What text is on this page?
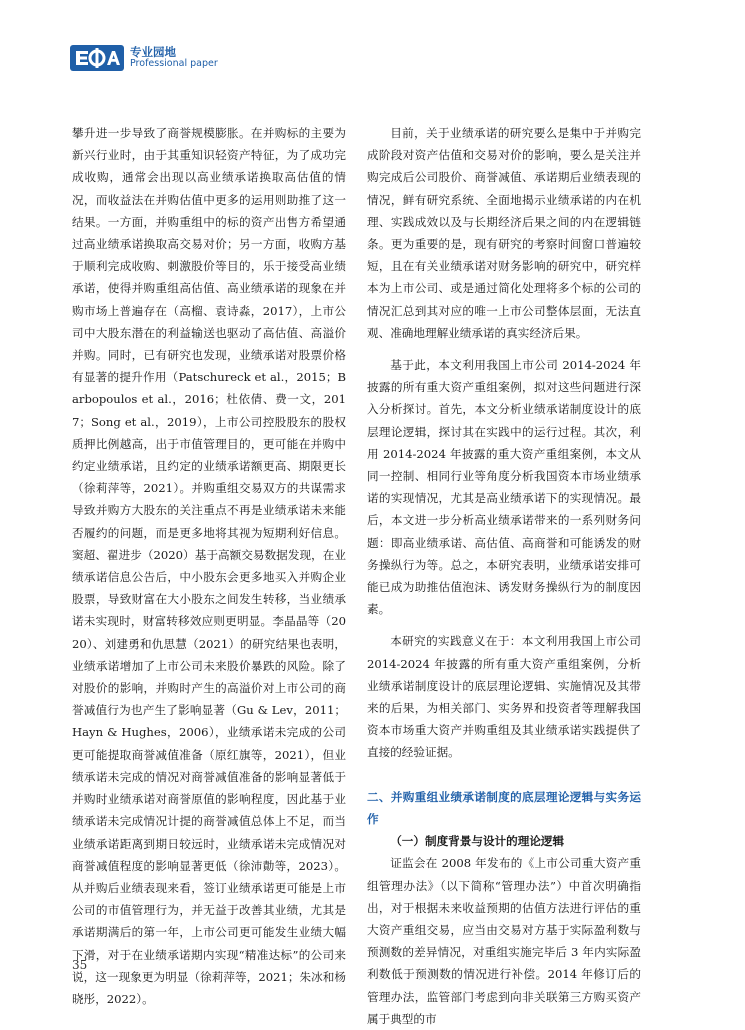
专业园地
Professional paper

攀升进一步导致了商誉规模膨胀。在并购标的主要为新兴行业时，由于其重知识轻资产特征，为了成功完成收购，通常会出现以高业绩承诺换取高估值的情况，而收益法在并购估值中更多的运用则助推了这一结果。一方面，并购重组中的标的资产出售方希望通过高业绩承诺换取高交易对价；另一方面，收购方基于顺利完成收购、刺激股价等目的，乐于接受高业绩承诺，使得并购重组高估值、高业绩承诺的现象在并购市场上普遍存在（高榴、袁诗淼，2017），上市公司中大股东潜在的利益输送也驱动了高估值、高溢价并购。同时，已有研究也发现，业绩承诺对股票价格有显著的提升作用（Patschureck et al.，2015；Barbopoulos et al.，2016；杜依倩、费一文，2017；Song et al.，2019），上市公司控股股东的股权质押比例越高，出于市值管理目的，更可能在并购中约定业绩承诺，且约定的业绩承诺额更高、期限更长（徐莉萍等，2021）。并购重组交易双方的共谋需求导致并购方大股东的关注重点不再是业绩承诺未来能否履约的问题，而是更多地将其视为短期利好信息。窦超、翟进步（2020）基于高额交易数据发现，在业绩承诺信息公告后，中小股东会更多地买入并购企业股票，导致财富在大小股东之间发生转移，当业绩承诺未实现时，财富转移效应则更明显。李晶晶等（2020）、刘建勇和仇思慧（2021）的研究结果也表明，业绩承诺增加了上市公司未来股价暴跌的风险。除了对股价的影响，并购时产生的高溢价对上市公司的商誉减值行为也产生了影响显著（Gu & Lev，2011；Hayn & Hughes，2006），业绩承诺未完成的公司更可能提取商誉减值准备（原红旗等，2021），但业绩承诺未完成的情况对商誉减值准备的影响显著低于并购时业绩承诺对商誉原值的影响程度，因此基于业绩承诺未完成情况计提的商誉减值总体上不足，而当业绩承诺距离到期日较远时，业绩承诺未完成情况对商誉减值程度的影响显著更低（徐沛勣等，2023）。从并购后业绩表现来看，签订业绩承诺更可能是上市公司的市值管理行为，并无益于改善其业绩，尤其是承诺期满后的第一年，上市公司更可能发生业绩大幅下滑，对于在业绩承诺期内实现“精准达标”的公司来说，这一现象更为明显（徐莉萍等，2021；朱冰和杨晓彤，2022）。

目前，关于业绩承诺的研究要么是集中于并购完成阶段对资产估值和交易对价的影响，要么是关注并购完成后公司股价、商誉减值、承诺期后业绩表现的情况，鲜有研究系统、全面地揭示业绩承诺的内在机理、实践成效以及与长期经济后果之间的内在逻辑链条。更为重要的是，现有研究的考察时间窗口普遍较短，且在有关业绩承诺对财务影响的研究中，研究样本为上市公司、或是通过简化处理将多个标的公司的情况汇总到其对应的唯一上市公司整体层面，无法直观、准确地理解业绩承诺的真实经济后果。

基于此，本文利用我国上市公司 2014-2024 年披露的所有重大资产重组案例，拟对这些问题进行深入分析探讨。首先，本文分析业绩承诺制度设计的底层理论逻辑，探讨其在实践中的运行过程。其次，利用 2014-2024 年披露的重大资产重组案例，本文从同一控制、相同行业等角度分析我国资本市场业绩承诺的实现情况，尤其是高业绩承诺下的实现情况。最后，本文进一步分析高业绩承诺带来的一系列财务问题：即高业绩承诺、高估值、高商誉和可能诱发的财务操纵行为等。总之，本研究表明，业绩承诺安排可能已成为助推估值泡沫、诱发财务操纵行为的制度因素。

本研究的实践意义在于：本文利用我国上市公司 2014-2024 年披露的所有重大资产重组案例，分析业绩承诺制度设计的底层理论逻辑、实施情况及其带来的后果，为相关部门、实务界和投资者等理解我国资本市场重大资产并购重组及其业绩承诺实践提供了直接的经验证据。

二、并购重组业绩承诺制度的底层理论逻辑与实务运作

（一）制度背景与设计的理论逻辑

证监会在 2008 年发布的《上市公司重大资产重组管理办法》（以下简称“管理办法”）中首次明确指出，对于根据未来收益预期的估值方法进行评估的重大资产重组交易，应当由交易对方基于实际盈利数与预测数的差异情况，对重组实施完毕后 3 年内实际盈利数低于预测数的情况进行补偿。2014 年修订后的管理办法，监管部门考虑到向非关联第三方购买资产属于典型的市

35
